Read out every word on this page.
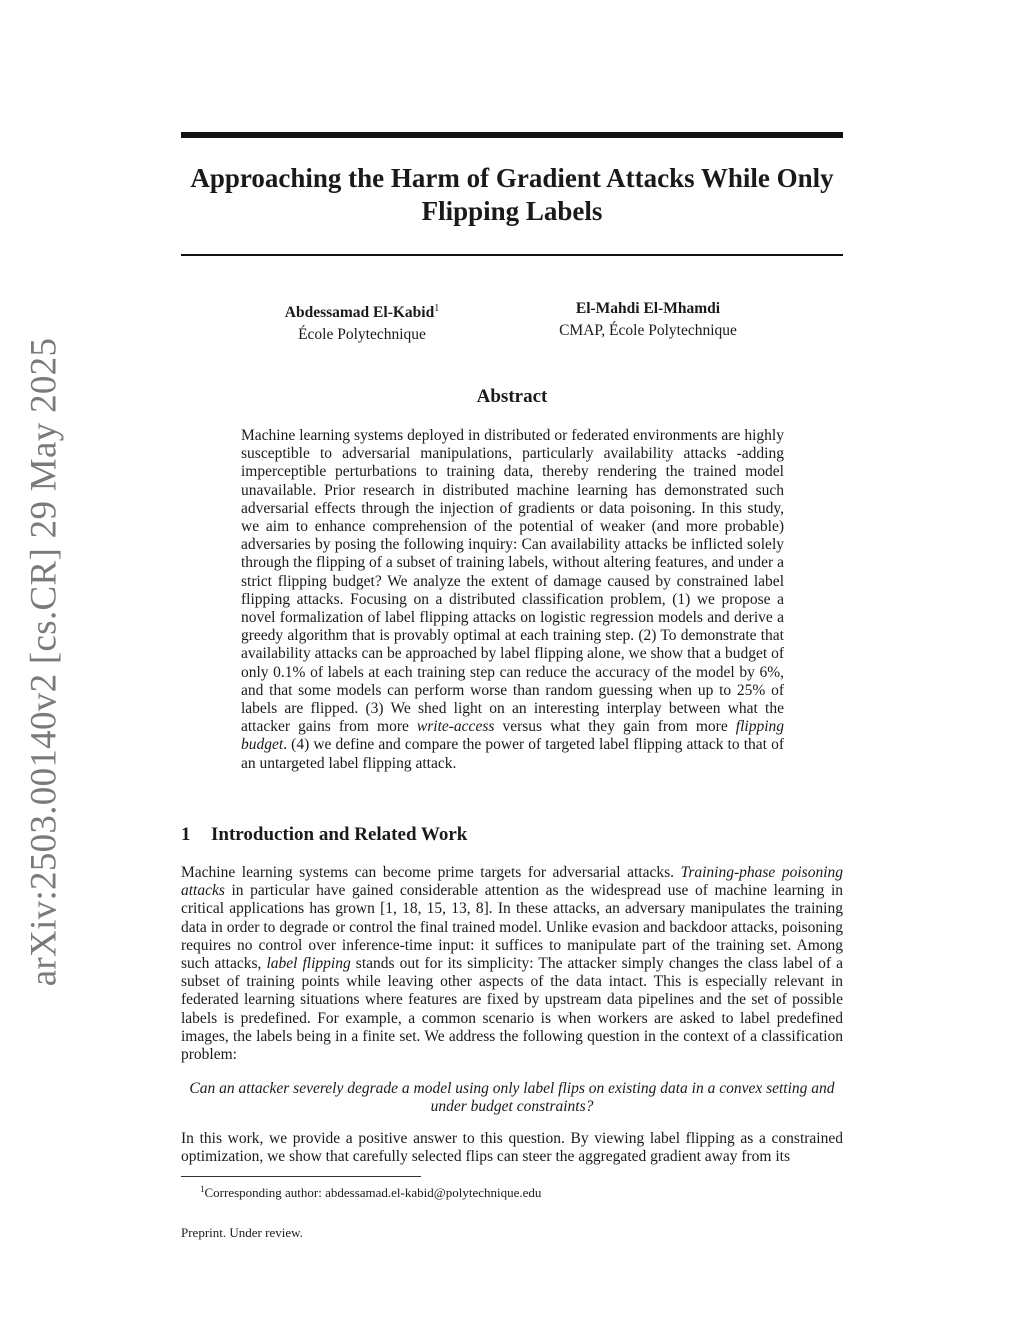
arXiv:2503.00140v2 [cs.CR] 29 May 2025
Approaching the Harm of Gradient Attacks While Only Flipping Labels
Abdessamad El-Kabid$^1$
École Polytechnique
El-Mahdi El-Mhamdi
CMAP, École Polytechnique
Abstract

Machine learning systems deployed in distributed or federated environments are highly susceptible to adversarial manipulations, particularly availability attacks -adding imperceptible perturbations to training data, thereby rendering the trained model unavailable. Prior research in distributed machine learning has demonstrated such adversarial effects through the injection of gradients or data poisoning. In this study, we aim to enhance comprehension of the potential of weaker (and more probable) adversaries by posing the following inquiry: Can availability attacks be inflicted solely through the flipping of a subset of training labels, without altering features, and under a strict flipping budget? We analyze the extent of damage caused by constrained label flipping attacks. Focusing on a distributed classification problem, (1) we propose a novel formalization of label flipping attacks on logistic regression models and derive a greedy algorithm that is provably optimal at each training step. (2) To demonstrate that availability attacks can be approached by label flipping alone, we show that a budget of only 0.1% of labels at each training step can reduce the accuracy of the model by 6%, and that some models can perform worse than random guessing when up to 25% of labels are flipped. (3) We shed light on an interesting interplay between what the attacker gains from more write-access versus what they gain from more flipping budget. (4) we define and compare the power of targeted label flipping attack to that of an untargeted label flipping attack.

1 Introduction and Related Work

Machine learning systems can become prime targets for adversarial attacks. Training-phase poisoning attacks in particular have gained considerable attention as the widespread use of machine learning in critical applications has grown [1, 18, 15, 13, 8]. In these attacks, an adversary manipulates the training data in order to degrade or control the final trained model. Unlike evasion and backdoor attacks, poisoning requires no control over inference-time input: it suffices to manipulate part of the training set. Among such attacks, label flipping stands out for its simplicity: The attacker simply changes the class label of a subset of training points while leaving other aspects of the data intact. This is especially relevant in federated learning situations where features are fixed by upstream data pipelines and the set of possible labels is predefined. For example, a common scenario is when workers are asked to label predefined images, the labels being in a finite set. We address the following question in the context of a classification problem:

Can an attacker severely degrade a model using only label flips on existing data in a convex setting and under budget constraints?

In this work, we provide a positive answer to this question. By viewing label flipping as a constrained optimization, we show that carefully selected flips can steer the aggregated gradient away from its

$^1$Corresponding author: abdessamad.el-kabid@polytechnique.edu
Preprint. Under review.
